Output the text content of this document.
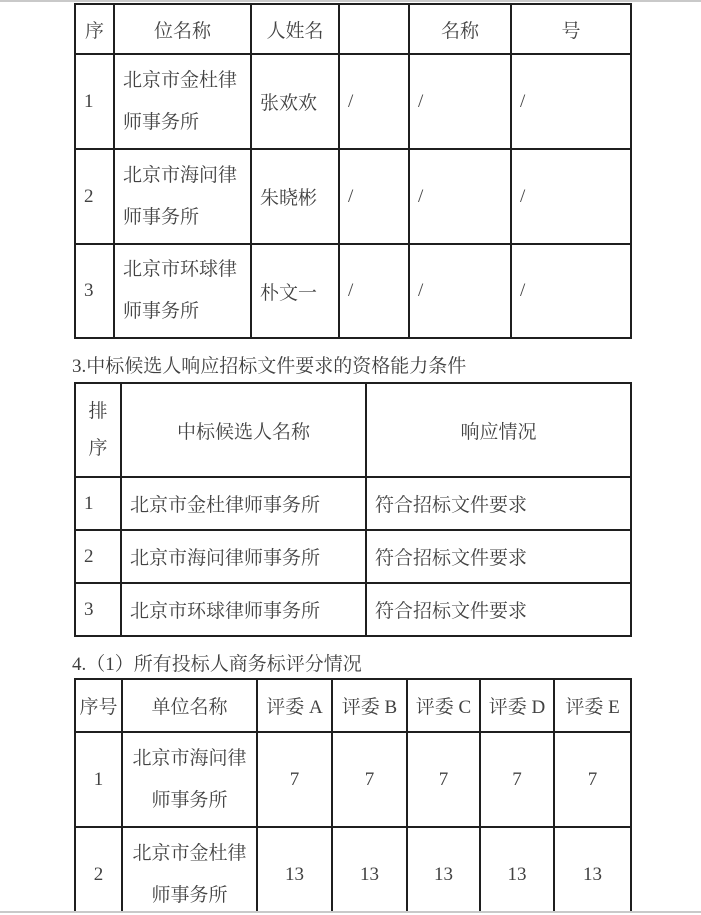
序	位名称	人姓名		名称	号

1	北京市金杜律
师事务所	张欢欢	/	/	/

2	北京市海问律
师事务所	朱晓彬	/	/	/

3	北京市环球律
师事务所	朴文一	/	/	/
3.中标候选人响应招标文件要求的资格能力条件
排
序	中标候选人名称	响应情况

1	北京市金杜律师事务所	符合招标文件要求

2	北京市海问律师事务所	符合招标文件要求

3	北京市环球律师事务所	符合招标文件要求
4.（1）所有投标人商务标评分情况
序号	单位名称	评委 A	评委 B	评委 C	评委 D	评委 E
1	北京市海问律
师事务所	7	7	7	7	7
2	北京市金杜律
师事务所	13	13	13	13	13
